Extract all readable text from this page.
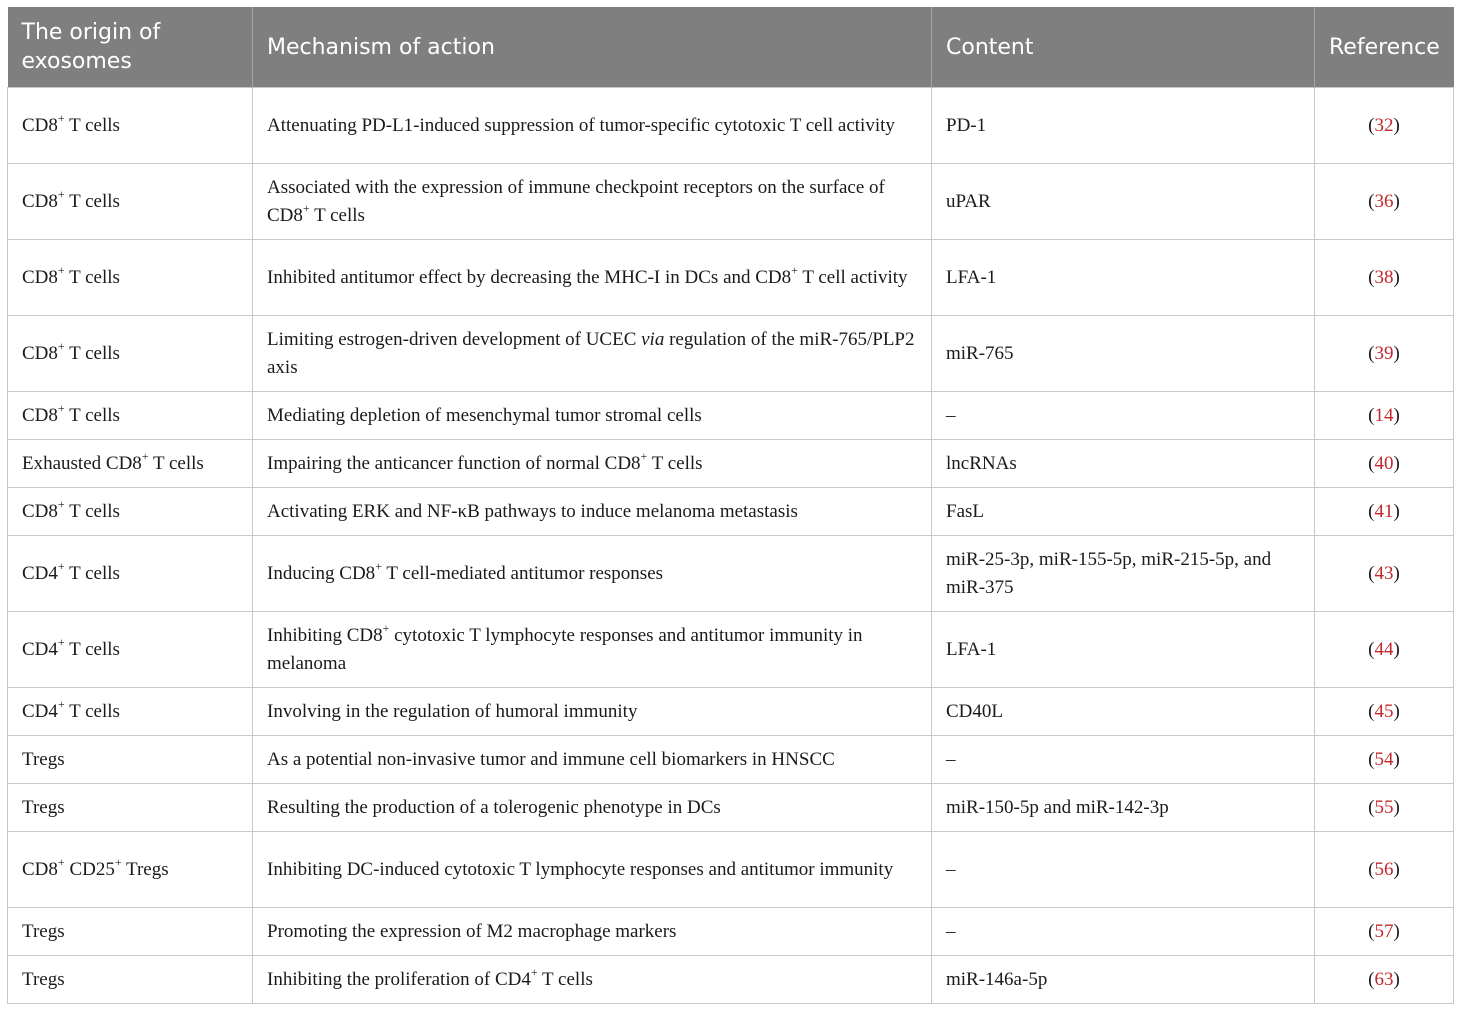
The origin of exosomes	Mechanism of action	Content	Reference
CD8+ T cells	Attenuating PD-L1-induced suppression of tumor-specific cytotoxic T cell activity	PD-1	(32)
CD8+ T cells	Associated with the expression of immune checkpoint receptors on the surface of CD8+ T cells	uPAR	(36)
CD8+ T cells	Inhibited antitumor effect by decreasing the MHC-I in DCs and CD8+ T cell activity	LFA-1	(38)
CD8+ T cells	Limiting estrogen-driven development of UCEC via regulation of the miR-765/PLP2 axis	miR-765	(39)
CD8+ T cells	Mediating depletion of mesenchymal tumor stromal cells	–	(14)
Exhausted CD8+ T cells	Impairing the anticancer function of normal CD8+ T cells	lncRNAs	(40)
CD8+ T cells	Activating ERK and NF-κB pathways to induce melanoma metastasis	FasL	(41)
CD4+ T cells	Inducing CD8+ T cell-mediated antitumor responses	miR-25-3p, miR-155-5p, miR-215-5p, and miR-375	(43)
CD4+ T cells	Inhibiting CD8+ cytotoxic T lymphocyte responses and antitumor immunity in melanoma	LFA-1	(44)
CD4+ T cells	Involving in the regulation of humoral immunity	CD40L	(45)
Tregs	As a potential non-invasive tumor and immune cell biomarkers in HNSCC	–	(54)
Tregs	Resulting the production of a tolerogenic phenotype in DCs	miR-150-5p and miR-142-3p	(55)
CD8+ CD25+ Tregs	Inhibiting DC-induced cytotoxic T lymphocyte responses and antitumor immunity	–	(56)
Tregs	Promoting the expression of M2 macrophage markers	–	(57)
Tregs	Inhibiting the proliferation of CD4+ T cells	miR-146a-5p	(63)
